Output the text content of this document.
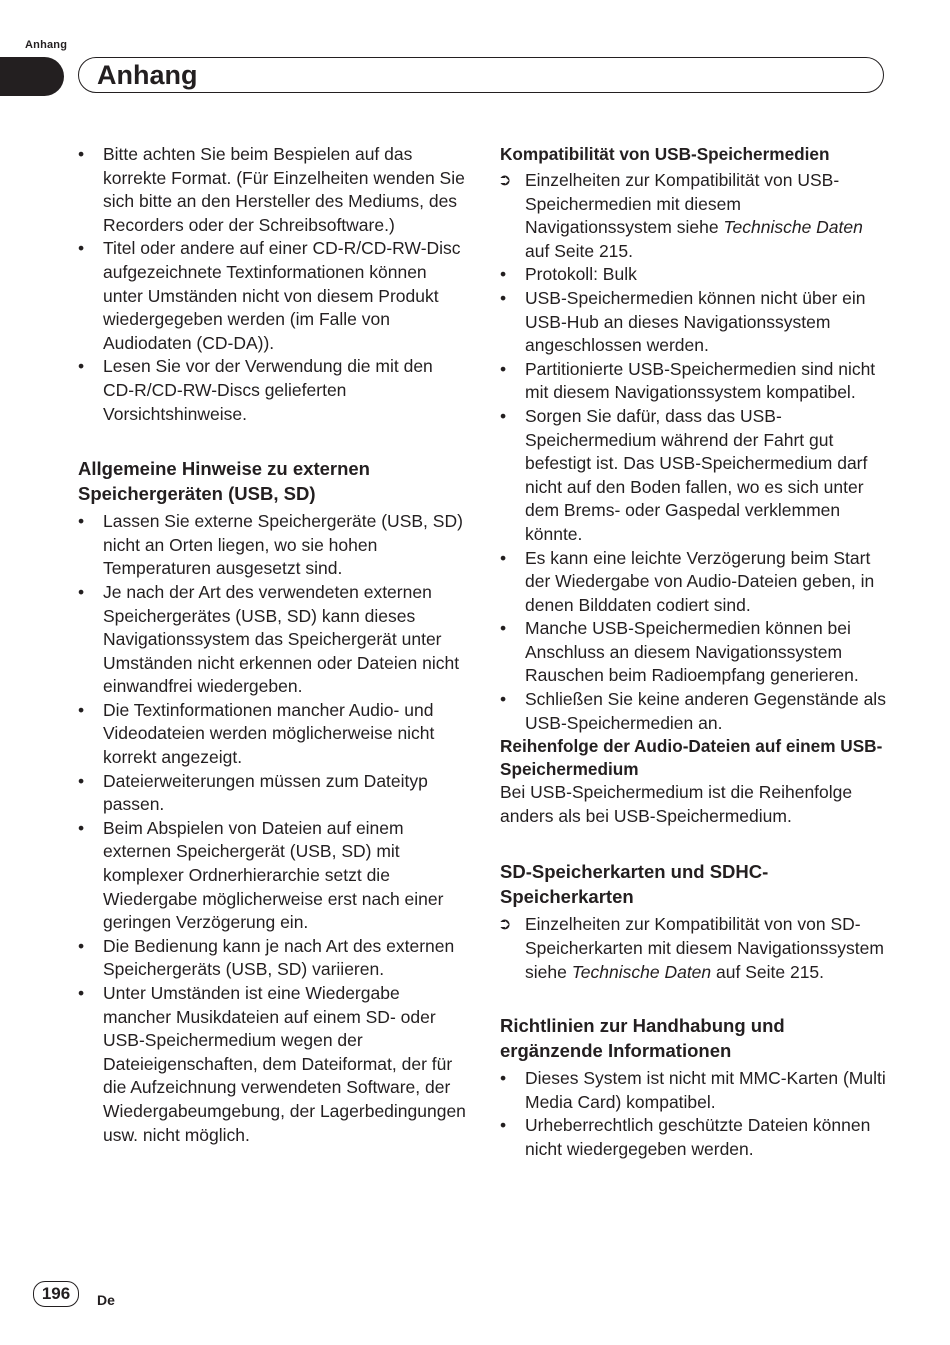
Anhang
Anhang
• Bitte achten Sie beim Bespielen auf das korrekte Format. (Für Einzelheiten wenden Sie sich bitte an den Hersteller des Mediums, des Recorders oder der Schreibsoftware.)
• Titel oder andere auf einer CD-R/CD-RW-Disc aufgezeichnete Textinformationen können unter Umständen nicht von diesem Produkt wiedergegeben werden (im Falle von Audiodaten (CD-DA)).
• Lesen Sie vor der Verwendung die mit den CD-R/CD-RW-Discs gelieferten Vorsichtshinweise.
Allgemeine Hinweise zu externen Speichergeräten (USB, SD)
• Lassen Sie externe Speichergeräte (USB, SD) nicht an Orten liegen, wo sie hohen Temperaturen ausgesetzt sind.
• Je nach der Art des verwendeten externen Speichergerätes (USB, SD) kann dieses Navigationssystem das Speichergerät unter Umständen nicht erkennen oder Dateien nicht einwandfrei wiedergeben.
• Die Textinformationen mancher Audio- und Videodateien werden möglicherweise nicht korrekt angezeigt.
• Dateierweiterungen müssen zum Dateityp passen.
• Beim Abspielen von Dateien auf einem externen Speichergerät (USB, SD) mit komplexer Ordnerhierarchie setzt die Wiedergabe möglicherweise erst nach einer geringen Verzögerung ein.
• Die Bedienung kann je nach Art des externen Speichergeräts (USB, SD) variieren.
• Unter Umständen ist eine Wiedergabe mancher Musikdateien auf einem SD- oder USB-Speichermedium wegen der Dateieigenschaften, dem Dateiformat, der für die Aufzeichnung verwendeten Software, der Wiedergabeumgebung, der Lagerbedingungen usw. nicht möglich.
Kompatibilität von USB-Speichermedien
➲ Einzelheiten zur Kompatibilität von USB-Speichermedien mit diesem Navigationssystem siehe Technische Daten auf Seite 215.
• Protokoll: Bulk
• USB-Speichermedien können nicht über ein USB-Hub an dieses Navigationssystem angeschlossen werden.
• Partitionierte USB-Speichermedien sind nicht mit diesem Navigationssystem kompatibel.
• Sorgen Sie dafür, dass das USB-Speichermedium während der Fahrt gut befestigt ist. Das USB-Speichermedium darf nicht auf den Boden fallen, wo es sich unter dem Brems- oder Gaspedal verklemmen könnte.
• Es kann eine leichte Verzögerung beim Start der Wiedergabe von Audio-Dateien geben, in denen Bilddaten codiert sind.
• Manche USB-Speichermedien können bei Anschluss an diesem Navigationssystem Rauschen beim Radioempfang generieren.
• Schließen Sie keine anderen Gegenstände als USB-Speichermedien an.
Reihenfolge der Audio-Dateien auf einem USB-Speichermedium

Bei USB-Speichermedium ist die Reihenfolge anders als bei USB-Speichermedium.

SD-Speicherkarten und SDHC-Speicherkarten
➲ Einzelheiten zur Kompatibilität von von SD-Speicherkarten mit diesem Navigationssystem siehe Technische Daten auf Seite 215.
Richtlinien zur Handhabung und ergänzende Informationen
• Dieses System ist nicht mit MMC-Karten (Multi Media Card) kompatibel.
• Urheberrechtlich geschützte Dateien können nicht wiedergegeben werden.
196	De
